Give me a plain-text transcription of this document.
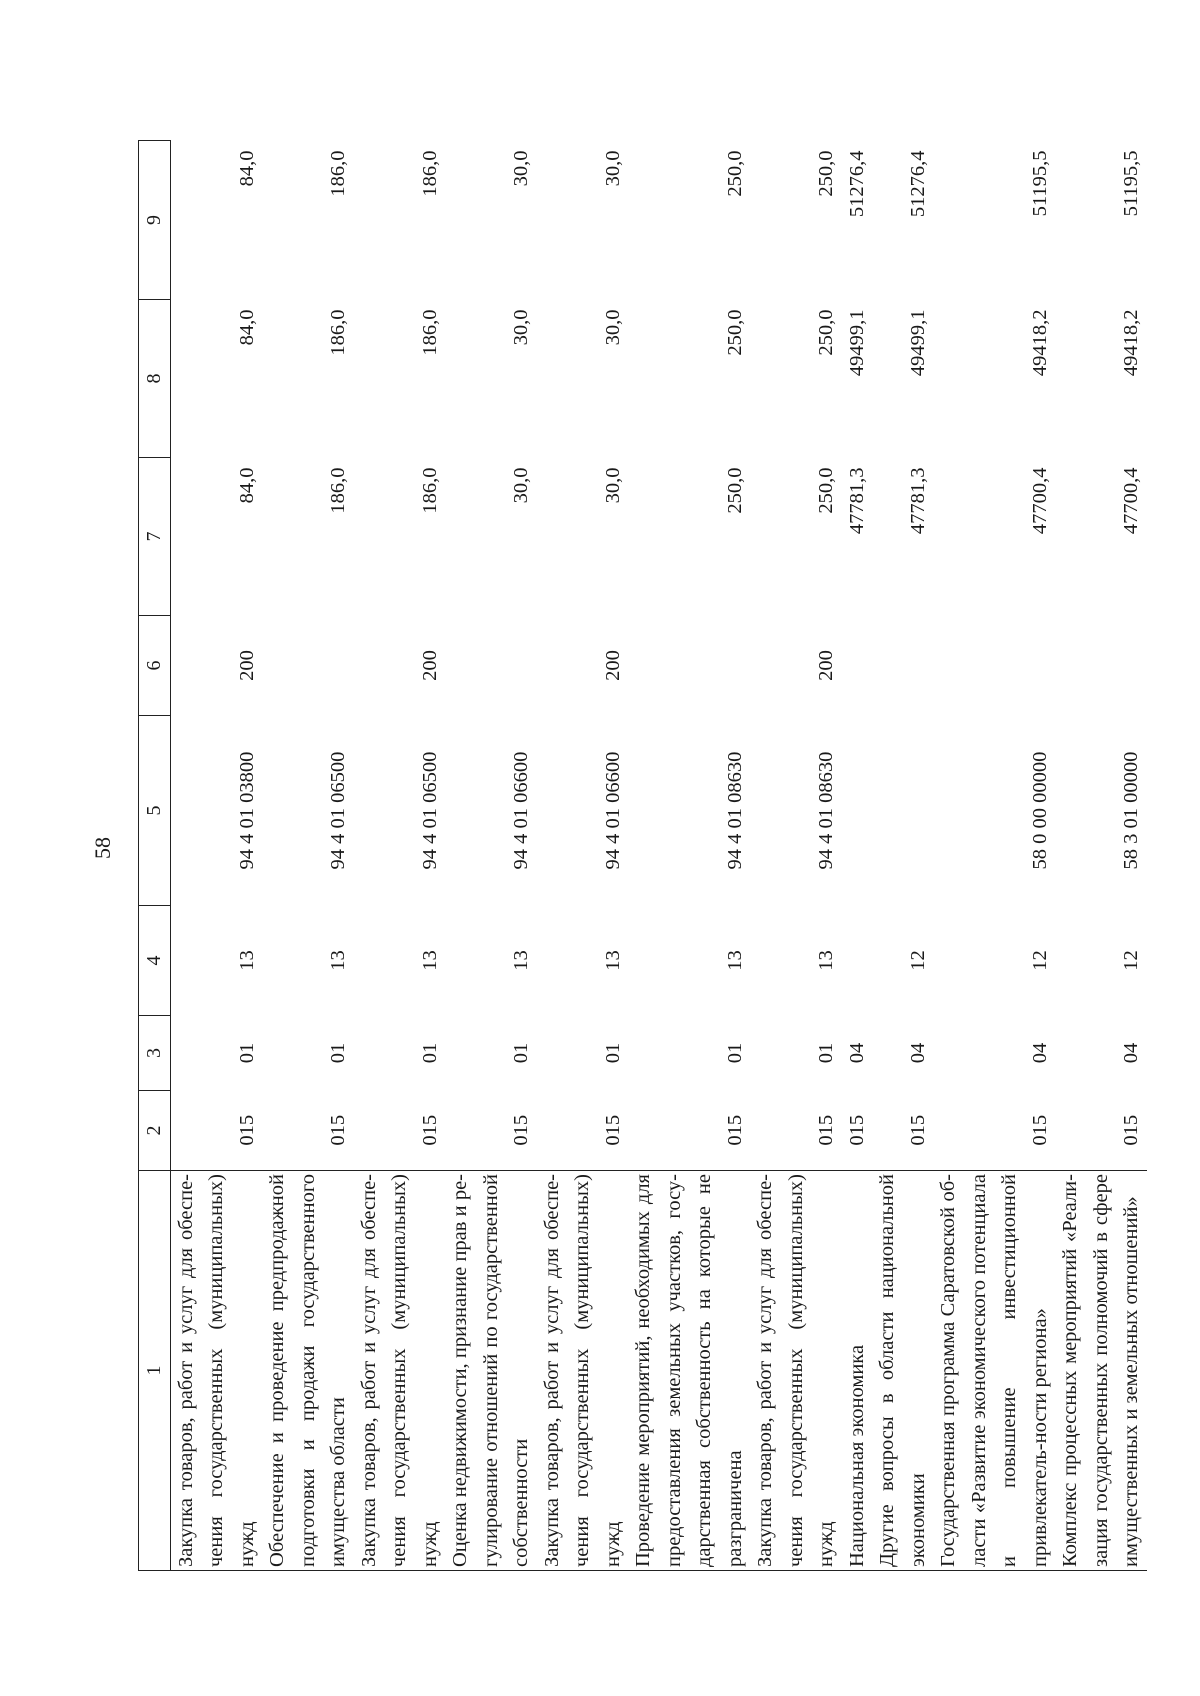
58
1	2	3	4	5	6	7	8	9
Закупка товаров, работ и услуг для обеспе-чения государственных (муниципальных) нужд	015	01	13	94 4 01 03800	200	84,0	84,0	84,0
Обеспечение и проведение предпродажной подготовки и продажи государственного имущества области	015	01	13	94 4 01 06500		186,0	186,0	186,0
Закупка товаров, работ и услуг для обеспе-чения государственных (муниципальных) нужд	015	01	13	94 4 01 06500	200	186,0	186,0	186,0
Оценка недвижимости, признание прав и ре-гулирование отношений по государственной собственности	015	01	13	94 4 01 06600		30,0	30,0	30,0
Закупка товаров, работ и услуг для обеспе-чения государственных (муниципальных) нужд	015	01	13	94 4 01 06600	200	30,0	30,0	30,0
Проведение мероприятий, необходимых для предоставления земельных участков, госу-дарственная собственность на которые не разграничена	015	01	13	94 4 01 08630		250,0	250,0	250,0
Закупка товаров, работ и услуг для обеспе-чения государственных (муниципальных) нужд	015	01	13	94 4 01 08630	200	250,0	250,0	250,0
Национальная экономика	015	04				47781,3	49499,1	51276,4
Другие вопросы в области национальной экономики	015	04	12			47781,3	49499,1	51276,4
Государственная программа Саратовской об-ласти «Развитие экономического потенциала и повышение инвестиционной привлекатель-ности региона»	015	04	12	58 0 00 00000		47700,4	49418,2	51195,5
Комплекс процессных мероприятий «Реали-зация государственных полномочий в сфере имущественных и земельных отношений»	015	04	12	58 3 01 00000		47700,4	49418,2	51195,5
